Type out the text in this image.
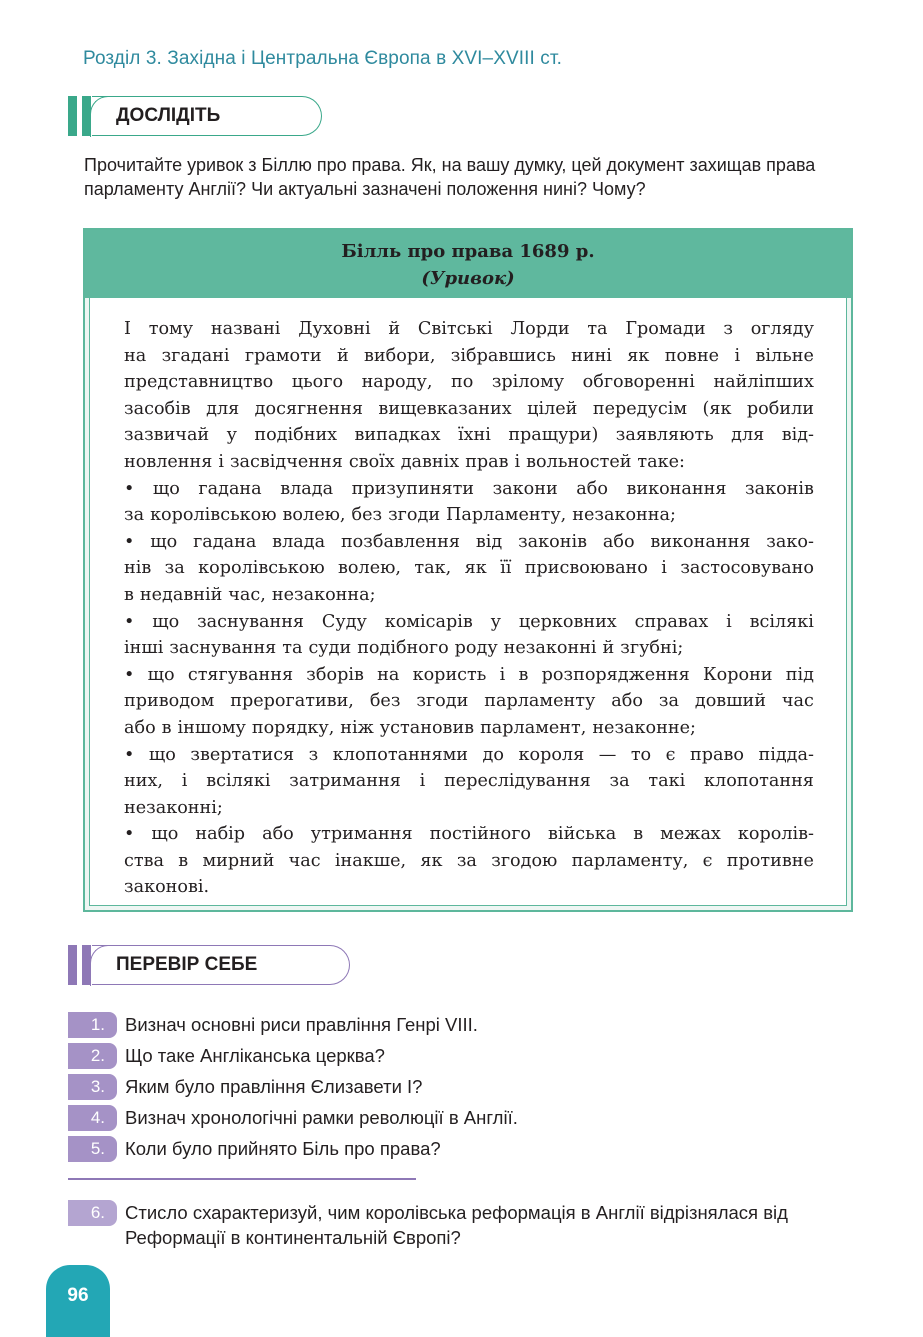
Розділ 3. Західна і Центральна Європа в XVI–XVIII ст.
ДОСЛІДІТЬ
Прочитайте уривок з Біллю про права. Як, на вашу думку, цей документ захищав права парламенту Англії? Чи актуальні зазначені положення нині? Чому?
Білль про права 1689 р.
(Уривок)
І тому названі Духовні й Світські Лорди та Громади з огляду
на згадані грамоти й вибори, зібравшись нині як повне і вільне
представництво цього народу, по зрілому обговоренні найліпших
засобів для досягнення вищевказаних цілей передусім (як робили
зазвичай у подібних випадках їхні пращури) заявляють для від-
новлення і засвідчення своїх давніх прав і вольностей таке:
• що гадана влада призупиняти закони або виконання законів
за королівською волею, без згоди Парламенту, незаконна;
• що гадана влада позбавлення від законів або виконання зако-
нів за королівською волею, так, як її присвоювано і застосовувано
в недавній час, незаконна;
• що заснування Суду комісарів у церковних справах і всілякі
інші заснування та суди подібного роду незаконні й згубні;
• що стягування зборів на користь і в розпорядження Корони під
приводом прерогативи, без згоди парламенту або за довший час
або в іншому порядку, ніж установив парламент, незаконне;
• що звертатися з клопотаннями до короля — то є право підда-
них, і всілякі затримання і переслідування за такі клопотання
незаконні;
• що набір або утримання постійного війська в межах королів-
ства в мирний час інакше, як за згодою парламенту, є противне
законові.
ПЕРЕВІР СЕБЕ
1.	Визнач основні риси правління Генрі VIII.
2.	Що таке Англіканська церква?
3.	Яким було правління Єлизавети І?
4.	Визнач хронологічні рамки революції в Англії.
5.	Коли було прийнято Біль про права?
6.	Стисло схарактеризуй, чим королівська реформація в Англії відрізнялася від Реформації в континентальній Європі?
96
